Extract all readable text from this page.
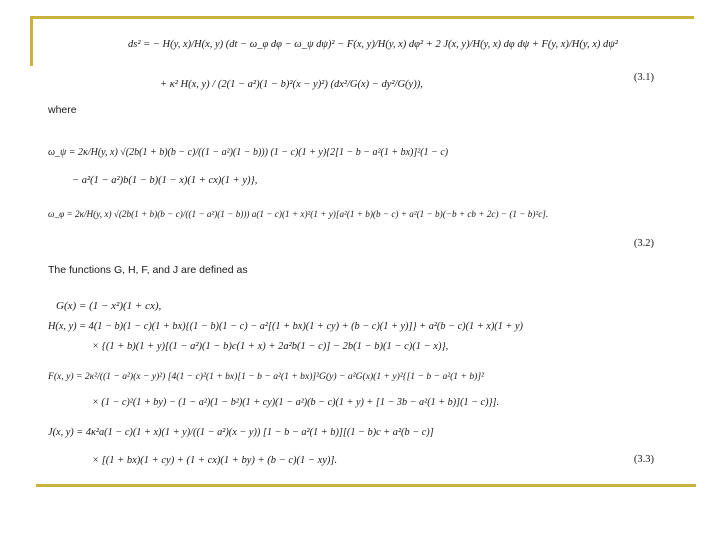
ds² = − H(y, x)/H(x, y) (dt − ω_φ dφ − ω_ψ dψ)² − F(x, y)/H(y, x) dφ² + 2 J(x, y)/H(y, x) dφ dψ + F(y, x)/H(y, x) dψ²
+ κ² H(x, y) / (2(1 − a²)(1 − b)²(x − y)²) (dx²/G(x) − dy²/G(y)),
(3.1)
where
ω_ψ = 2κ/H(y, x) √(2b(1 + b)(b − c)/((1 − a²)(1 − b))) (1 − c)(1 + y){2[1 − b − a²(1 + bx)]²(1 − c)
− a²(1 − a²)b(1 − b)(1 − x)(1 + cx)(1 + y)},
ω_φ = 2κ/H(y, x) √(2b(1 + b)(b − c)/((1 − a²)(1 − b))) a(1 − c)(1 + x)²(1 + y)[a²(1 + b)(b − c) + a²(1 − b)(−b + cb + 2c) − (1 − b)²c].
(3.2)
The functions G, H, F, and J are defined as
G(x) = (1 − x²)(1 + cx),
H(x, y) = 4(1 − b)(1 − c)(1 + bx){(1 − b)(1 − c) − a²[(1 + bx)(1 + cy) + (b − c)(1 + y)]} + a²(b − c)(1 + x)(1 + y)
× {(1 + b)(1 + y)[(1 − a²)(1 − b)c(1 + x) + 2a²b(1 − c)] − 2b(1 − b)(1 − c)(1 − x)},
F(x, y) = 2κ²/((1 − a²)(x − y)²) [4(1 − c)²(1 + bx)[1 − b − a²(1 + bx)]²G(y) − a²G(x)(1 + y)²{[1 − b − a²(1 + b)]²
× (1 − c)²(1 + by) − (1 − a²)(1 − b²)(1 + cy)(1 − a²)(b − c)(1 + y) + [1 − 3b − a²(1 + b)](1 − c)}].
J(x, y) = 4κ²a(1 − c)(1 + x)(1 + y)/((1 − a²)(x − y)) [1 − b − a²(1 + b)][(1 − b)c + a²(b − c)]
× [(1 + bx)(1 + cy) + (1 + cx)(1 + by) + (b − c)(1 − xy)].	(3.3)
